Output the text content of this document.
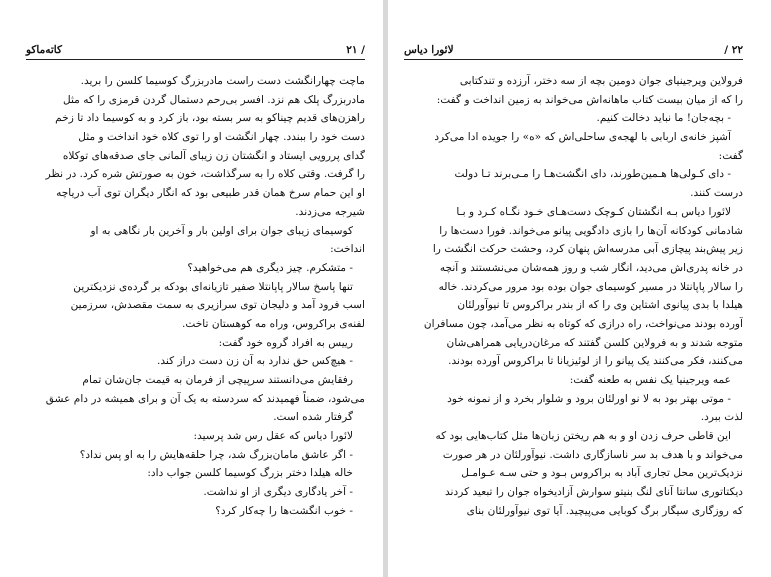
/ ۲۱
کاته‌ماکو
ماچت چهارانگشت دست راست مادربزرگ کوسیما کلسن را برید.
مادربزرگ پلک هم نزد. افسر بی‌رحم دستمال گردن قرمزی را که مثل
راهزن‌های قدیم چیناکو به سر بسته بود، باز کرد و به کوسیما داد تا زخم
دست خود را ببندد. چهار انگشت او را توی کلاه خود انداخت و مثل
گدای پررویی ایستاد و انگشتان زن زیبای آلمانی جای صدقه‌های توکلاه
را گرفت. وقتی کلاه را به سرگذاشت، خون به صورتش شره کرد. در نظر
او این حمام سرخ همان قدر طبیعی بود که انگار دیگران توی آب دریاچه
شیرجه می‌زدند.
کوسیمای زیبای جوان برای اولین بار و آخرین بار نگاهی به او
انداخت:
- متشکرم. چیز دیگری هم می‌خواهید؟
تنها پاسخ سالار پاپانتلا صفیر تازیانه‌ای بودکه بر گرده‌ی نزدیکترین
اسب فرود آمد و دلیجان توی سرازیری به سمت مقصدش، سرزمین
لفنه‌ی براکروس، وراه مه کوهستان تاخت.
رییس به افراد گروه خود گفت:
- هیچ‌کس حق ندارد به آن زن دست دراز کند.
رفقایش می‌دانستند سرپیچی از فرمان به قیمت جان‌شان تمام
می‌شود، ضمناً فهمیدند که سردسته به یک آن و برای همیشه در دام عشق
گرفتار شده است.
لائورا دیاس که عقل رس شد پرسید:
- اگر عاشق مامان‌بزرگ شد، چرا حلقه‌هایش را به او پس نداد؟
خاله هیلدا دختر بزرگ کوسیما کلسن جواب داد:
- آخر یادگاری دیگری از او نداشت.
- خوب انگشت‌ها را چه‌کار کرد؟
۲۲ /
لائورا دیاس
فرولاین ویرجینیای جوان دومین بچه از سه دختر، آرزده و تندکتابی
را که از میان بیست کتاب ماهانه‌اش می‌خواند به زمین انداخت و گفت:
- بچه‌جان! ما نباید دخالت کنیم.
آشپز خانه‌ی اربابی با لهجه‌ی ساحلی‌اش که «ه» را جویده ادا می‌کرد
گفت:
- دای کـولی‌ها هـمین‌طورند، دای انگشت‌هـا را مـی‌برند تـا دولت
درست کنند.
لائورا دیاس بـه انگشتان کـوچک دست‌هـای خـود نگـاه کـرد و بـا
شادمانی کودکانه آن‌ها را بازی دادگویی پیانو می‌خواند. فورا دست‌ها را
زیر پیش‌بند پیچازی آبی مدرسه‌اش پنهان کرد، وحشت حرکت انگشت را
در خانه پدری‌اش می‌دید، انگار شب و روز همه‌شان می‌نشستند و آنچه
را سالار پاپانتلا در مسیر کوسیمای جوان بوده بود مرور می‌کردند. خاله
هیلدا با بدی پیانوی اشتاین وی را که از بندر براکروس تا نیوآورلئان
آورده بودند می‌نواخت، راه درازی که کوتاه به نظر می‌آمد، چون مسافران
متوجه شدند و به فرولاین کلسن گفتند که مرغان‌دریایی همراهی‌شان
می‌کنند، فکر می‌کنند یک پیانو را از لوئیزیانا تا براکروس آورده بودند.
عمه ویرجینیا یک نفس به طعنه گفت:
- موتی بهتر بود به لا نو اورلئان برود و شلوار بخرد و از نمونه خود
لذت ببرد.
این قاطی حرف زدن او و به هم ریختن زبان‌ها مثل کتاب‌هایی بود که
می‌خواند و با هدف بد سر ناسازگاری داشت. نیوآورلئان در هر صورت
نزدیک‌ترین محل تجاری آباد به براکروس بـود و حتی سـه عـوامـل
دیکتاتوری سانتا آنای لنگ بنیتو سوارش آزادیخواه جوان را تبعید کردند
که روزگاری سیگار برگ کوبایی می‌پیچید. آیا توی نیوآورلئان بنای
